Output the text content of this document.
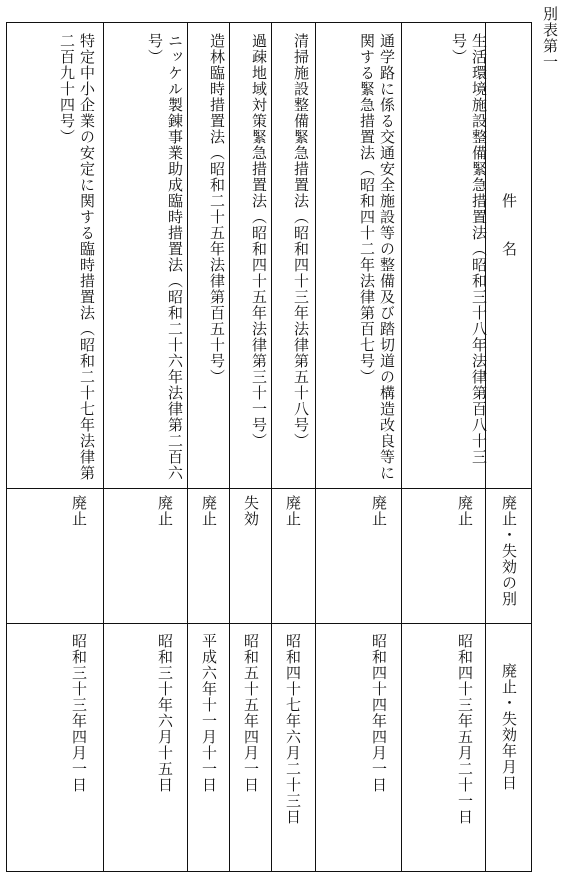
別表第一
件　　名
廃止・失効の別
廃止・失効年月日
生活環境施設整備緊急措置法（昭和三十八年法律第百八十三号）
廃止
昭和四十三年五月二十一日
通学路に係る交通安全施設等の整備及び踏切道の構造改良等に関する緊急措置法（昭和四十二年法律第百七号）
廃止
昭和四十四年四月一日
清掃施設整備緊急措置法（昭和四十三年法律第五十八号）
廃止
昭和四十七年六月二十三日
過疎地域対策緊急措置法（昭和四十五年法律第三十一号）
失効
昭和五十五年四月一日
造林臨時措置法（昭和二十五年法律第百五十号）
廃止
平成六年十一月十一日
ニッケル製錬事業助成臨時措置法（昭和二十六年法律第二百六号）
廃止
昭和三十年六月十五日
特定中小企業の安定に関する臨時措置法（昭和二十七年法律第二百九十四号）
廃止
昭和三十三年四月一日
